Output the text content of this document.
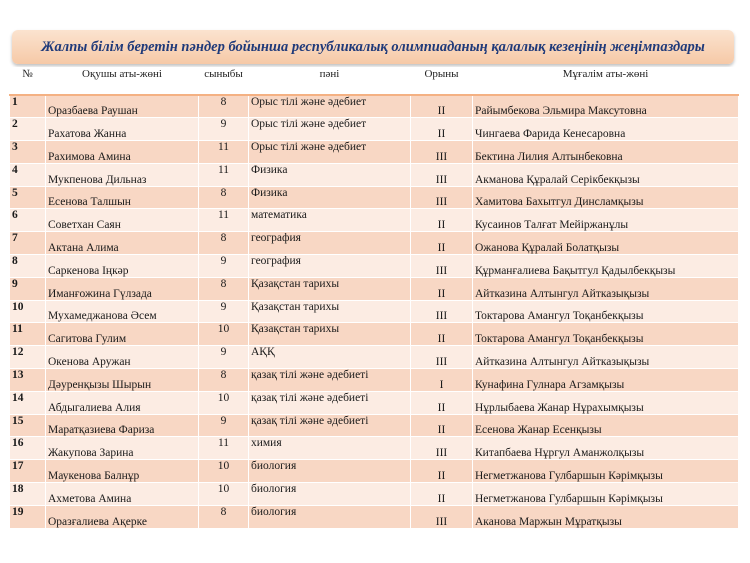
Жалпы білім беретін пәндер бойынша республикалық олимпиаданың қалалық кезеңінің жеңімпаздары
№	Оқушы аты-жөні	сыныбы	пәні	Орыны	Мұғалім аты-жөні
1	Оразбаева Раушан	8	Орыс тілі және әдебиет	II	Райымбекова Эльмира Максутовна
2	Рахатова Жанна	9	Орыс тілі және әдебиет	II	Чингаева Фарида Кенесаровна
3	Рахимова Амина	11	Орыс тілі және әдебиет	III	Бектина Лилия Алтынбековна
4	Мукпенова Дильназ	11	Физика	III	Акманова Құралай Серікбекқызы
5	Есенова Талшын	8	Физика	III	Хамитова Бахытгул Динсламқызы
6	Советхан Саян	11	математика	II	Кусаинов Талғат Мейіржанұлы
7	Актана Алима	8	география	II	Ожанова Құралай Болатқызы
8	Саркенова Іңкәр	9	география	III	Құрманғалиева Бақытгул Қадылбекқызы
9	Иманғожина Гүлзада	8	Қазақстан тарихы	II	Айтказина Алтынгул Айтказықызы
10	Мухамеджанова Әсем	9	Қазақстан тарихы	III	Токтарова Амангул Тоқанбекқызы
11	Сагитова Гулим	10	Қазақстан тарихы	II	Токтарова Амангул Тоқанбекқызы
12	Окенова Аружан	9	АҚҚ	III	Айтказина Алтынгул Айтказықызы
13	Дәуренқызы Шырын	8	қазақ тілі және әдебиеті	I	Кунафина Гулнара Агзамқызы
14	Абдыгалиева Алия	10	қазақ тілі және әдебиеті	II	Нұрлыбаева Жанар Нұрахымқызы
15	Маратқазиева Фариза	9	қазақ тілі және әдебиеті	II	Есенова Жанар Есенқызы
16	Жакупова Зарина	11	химия	III	Китапбаева Нұргул Аманжолқызы
17	Маукенова Балнұр	10	биология	II	Негметжанова Гулбаршын Кәрімқызы
18	Ахметова Амина	10	биология	II	Негметжанова Гулбаршын Кәрімқызы
19	Оразғалиева Ақерке	8	биология	III	Аканова Маржын Мұратқызы
